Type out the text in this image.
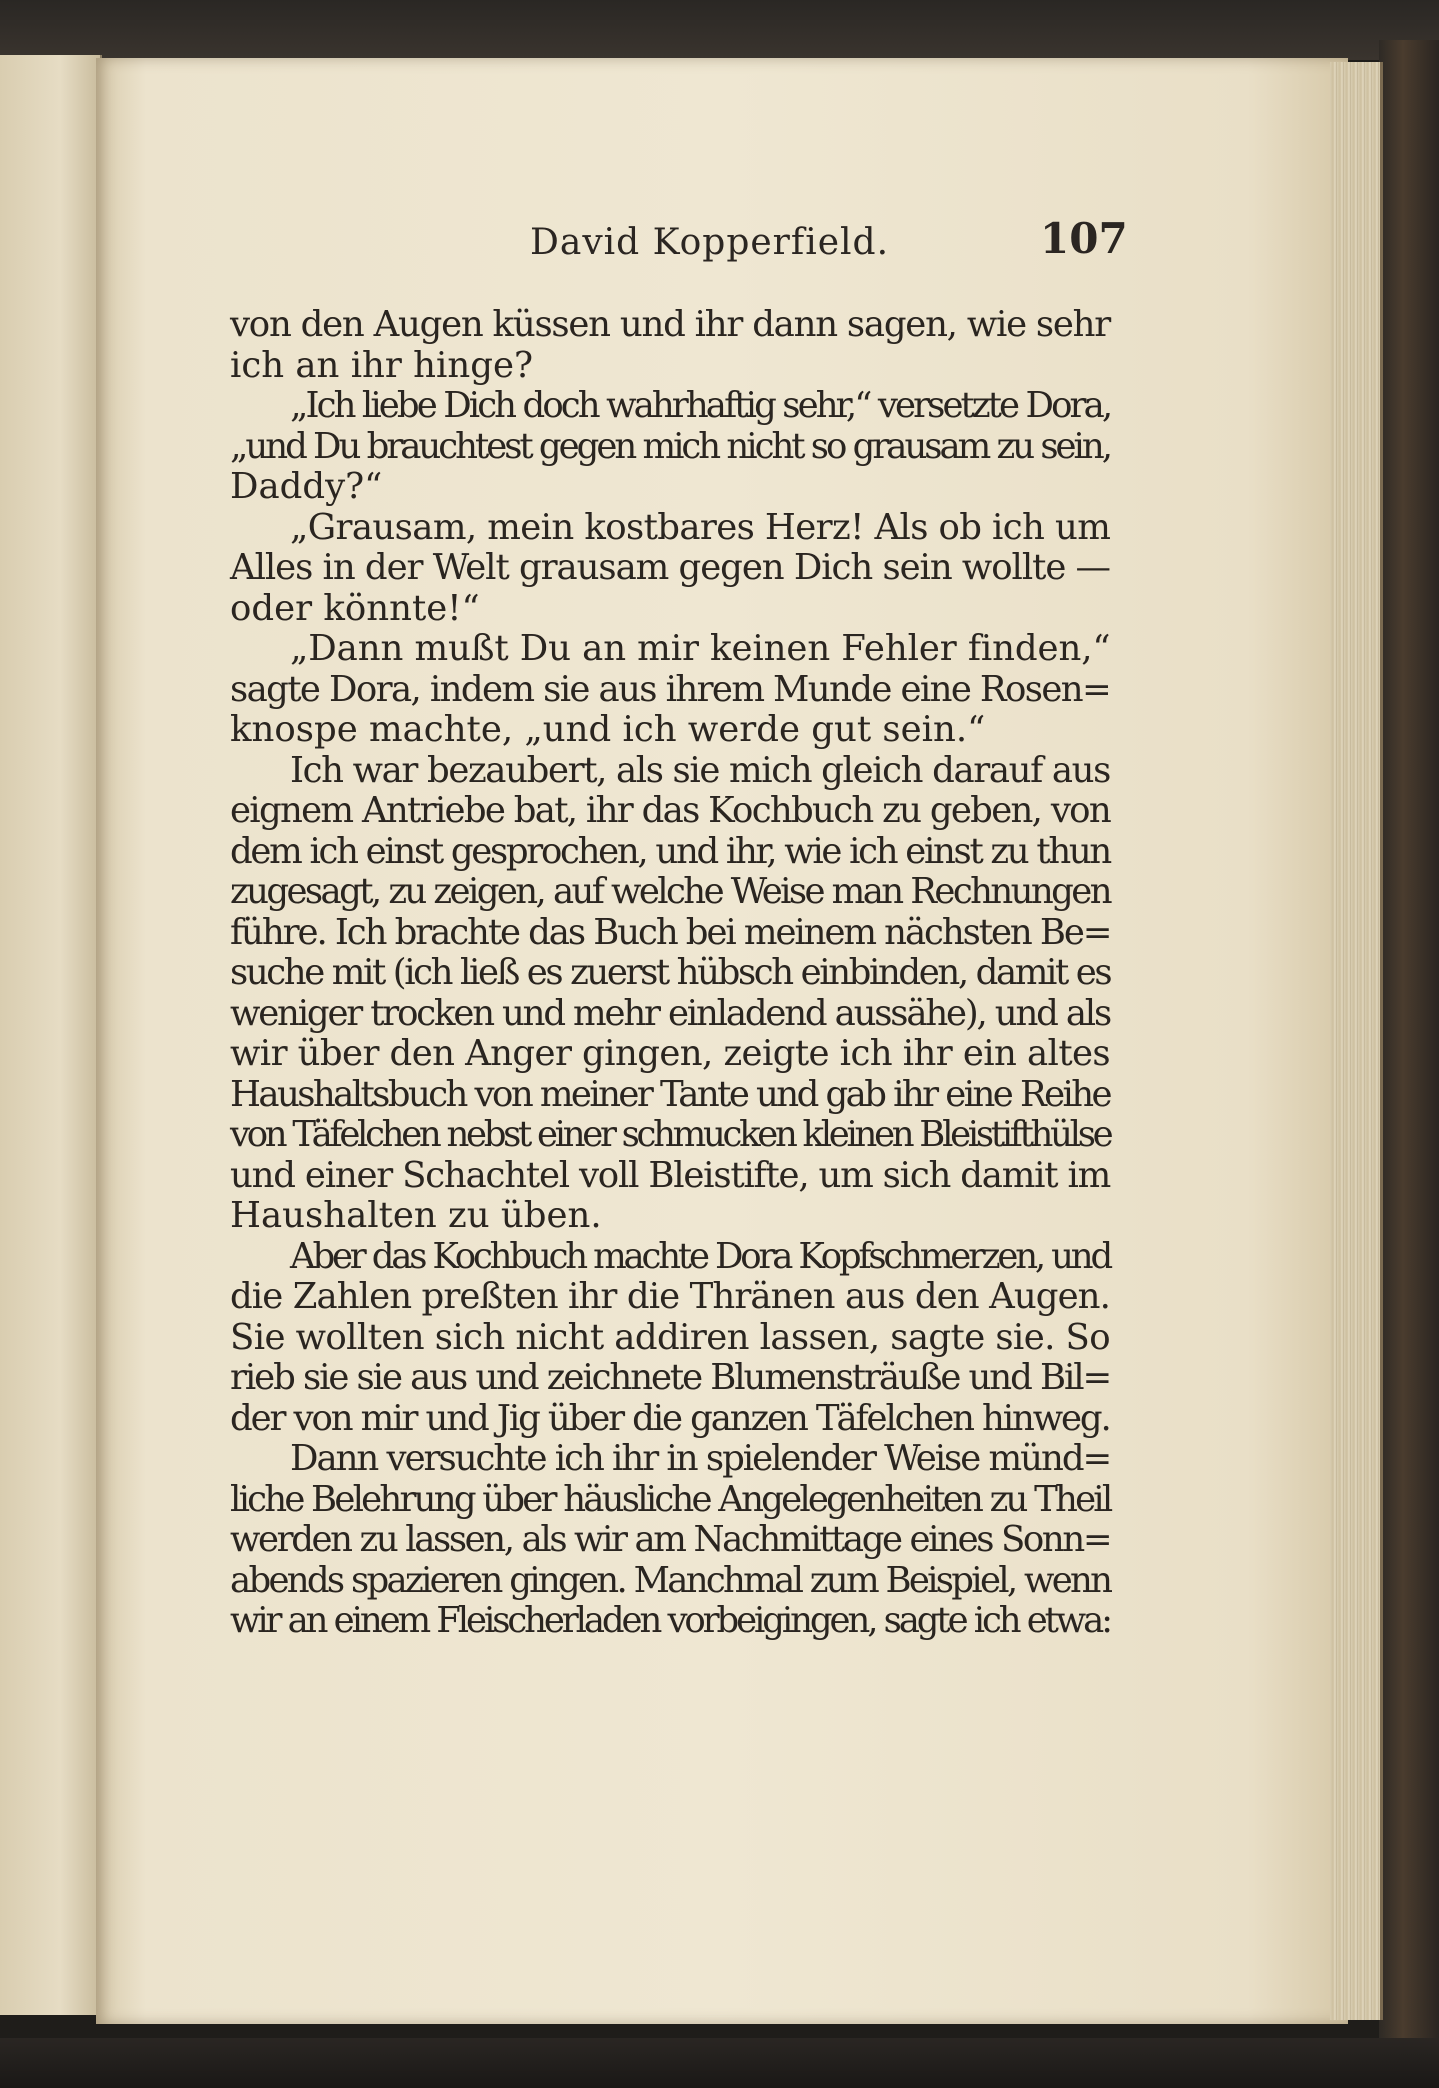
David Kopperfield.	107
von den Augen küssen und ihr dann sagen, wie sehr
ich an ihr hinge?
„Ich liebe Dich doch wahrhaftig sehr,“ versetzte Dora,
„und Du brauchtest gegen mich nicht so grausam zu sein,
Daddy?“
„Grausam, mein kostbares Herz! Als ob ich um
Alles in der Welt grausam gegen Dich sein wollte —
oder könnte!“
„Dann mußt Du an mir keinen Fehler finden,“
sagte Dora, indem sie aus ihrem Munde eine Rosen=
knospe machte, „und ich werde gut sein.“
Ich war bezaubert, als sie mich gleich darauf aus
eignem Antriebe bat, ihr das Kochbuch zu geben, von
dem ich einst gesprochen, und ihr, wie ich einst zu thun
zugesagt, zu zeigen, auf welche Weise man Rechnungen
führe. Ich brachte das Buch bei meinem nächsten Be=
suche mit (ich ließ es zuerst hübsch einbinden, damit es
weniger trocken und mehr einladend aussähe), und als
wir über den Anger gingen, zeigte ich ihr ein altes
Haushaltsbuch von meiner Tante und gab ihr eine Reihe
von Täfelchen nebst einer schmucken kleinen Bleistifthülse
und einer Schachtel voll Bleistifte, um sich damit im
Haushalten zu üben.
Aber das Kochbuch machte Dora Kopfschmerzen, und
die Zahlen preßten ihr die Thränen aus den Augen.
Sie wollten sich nicht addiren lassen, sagte sie. So
rieb sie sie aus und zeichnete Blumensträuße und Bil=
der von mir und Jig über die ganzen Täfelchen hinweg.
Dann versuchte ich ihr in spielender Weise münd=
liche Belehrung über häusliche Angelegenheiten zu Theil
werden zu lassen, als wir am Nachmittage eines Sonn=
abends spazieren gingen. Manchmal zum Beispiel, wenn
wir an einem Fleischerladen vorbeigingen, sagte ich etwa:
